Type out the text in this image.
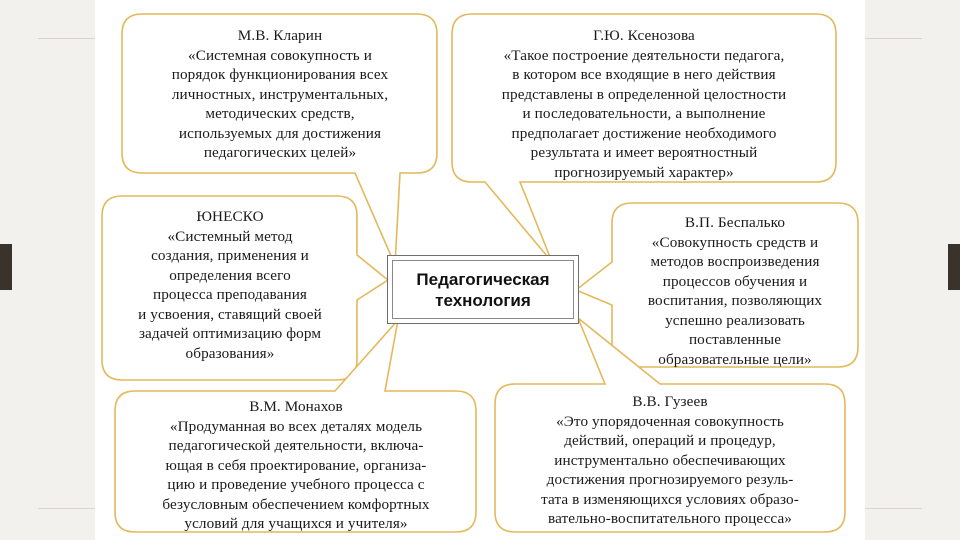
Педагогическая
технология
М.В. Кларин
«Системная совокупность и
порядок функционирования всех
личностных, инструментальных,
методических средств,
используемых для достижения
педагогических целей»
Г.Ю. Ксенозова
«Такое построение деятельности педагога,
в котором все входящие в него действия
представлены в определенной целостности
и последовательности, а выполнение
предполагает достижение необходимого
результата и имеет вероятностный
прогнозируемый характер»
ЮНЕСКО
«Системный метод
создания, применения и
определения всего
процесса преподавания
и усвоения, ставящий своей
задачей оптимизацию форм
образования»
В.П. Беспалько
«Совокупность средств и
методов воспроизведения
процессов обучения и
воспитания, позволяющих
успешно реализовать
поставленные
образовательные цели»
В.М. Монахов
«Продуманная во всех деталях модель
педагогической деятельности, включа-
ющая в себя проектирование, организа-
цию и проведение учебного процесса с
безусловным обеспечением комфортных
условий для учащихся и учителя»
В.В. Гузеев
«Это упорядоченная совокупность
действий, операций и процедур,
инструментально обеспечивающих
достижения прогнозируемого резуль-
тата в изменяющихся условиях образо-
вательно-воспитательного процесса»
